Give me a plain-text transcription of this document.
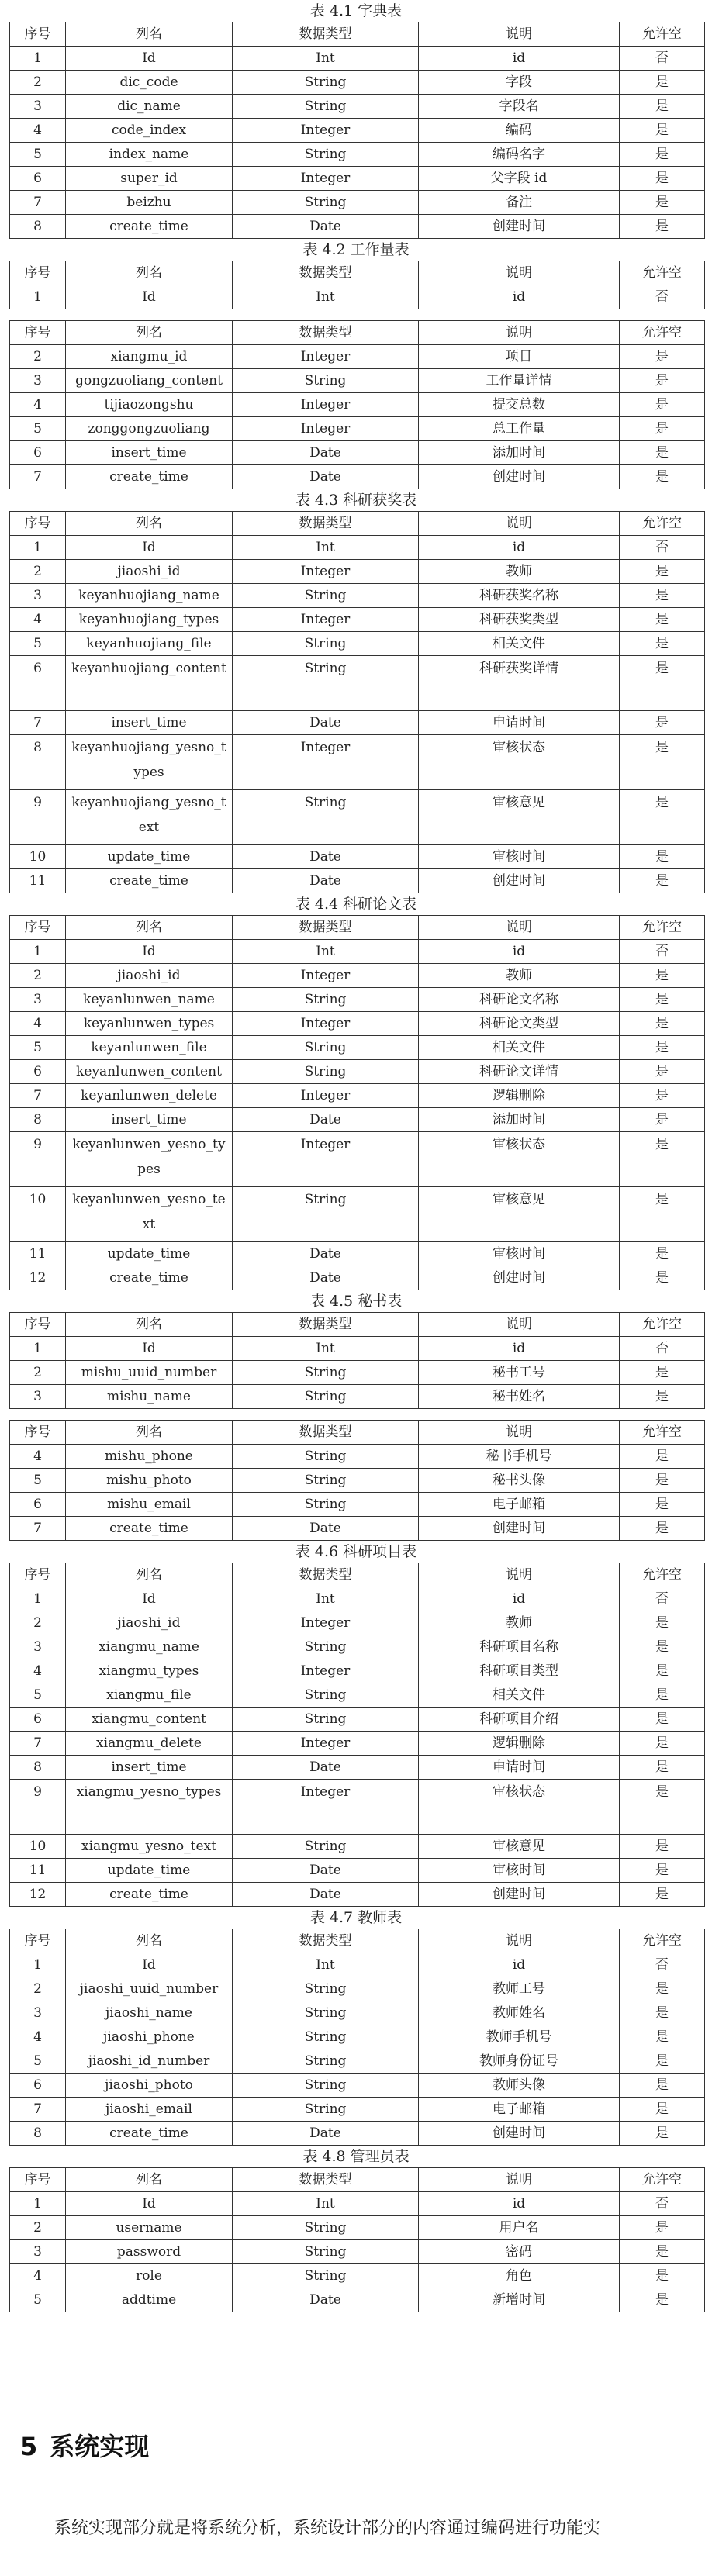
表 4.1 字典表
序号	列名	数据类型	说明	允许空
1	Id	Int	id	否
2	dic_code	String	字段	是
3	dic_name	String	字段名	是
4	code_index	Integer	编码	是
5	index_name	String	编码名字	是
6	super_id	Integer	父字段 id	是
7	beizhu	String	备注	是
8	create_time	Date	创建时间	是
表 4.2 工作量表
序号	列名	数据类型	说明	允许空
1	Id	Int	id	否
序号	列名	数据类型	说明	允许空
2	xiangmu_id	Integer	项目	是
3	gongzuoliang_content	String	工作量详情	是
4	tijiaozongshu	Integer	提交总数	是
5	zonggongzuoliang	Integer	总工作量	是
6	insert_time	Date	添加时间	是
7	create_time	Date	创建时间	是
表 4.3 科研获奖表
序号	列名	数据类型	说明	允许空
1	Id	Int	id	否
2	jiaoshi_id	Integer	教师	是
3	keyanhuojiang_name	String	科研获奖名称	是
4	keyanhuojiang_types	Integer	科研获奖类型	是
5	keyanhuojiang_file	String	相关文件	是
6	keyanhuojiang_content	String	科研获奖详情	是
7	insert_time	Date	申请时间	是
8	keyanhuojiang_yesno_types	Integer	审核状态	是
9	keyanhuojiang_yesno_text	String	审核意见	是
10	update_time	Date	审核时间	是
11	create_time	Date	创建时间	是
表 4.4 科研论文表
序号	列名	数据类型	说明	允许空
1	Id	Int	id	否
2	jiaoshi_id	Integer	教师	是
3	keyanlunwen_name	String	科研论文名称	是
4	keyanlunwen_types	Integer	科研论文类型	是
5	keyanlunwen_file	String	相关文件	是
6	keyanlunwen_content	String	科研论文详情	是
7	keyanlunwen_delete	Integer	逻辑删除	是
8	insert_time	Date	添加时间	是
9	keyanlunwen_yesno_types	Integer	审核状态	是
10	keyanlunwen_yesno_text	String	审核意见	是
11	update_time	Date	审核时间	是
12	create_time	Date	创建时间	是
表 4.5 秘书表
序号	列名	数据类型	说明	允许空
1	Id	Int	id	否
2	mishu_uuid_number	String	秘书工号	是
3	mishu_name	String	秘书姓名	是
序号	列名	数据类型	说明	允许空
4	mishu_phone	String	秘书手机号	是
5	mishu_photo	String	秘书头像	是
6	mishu_email	String	电子邮箱	是
7	create_time	Date	创建时间	是
表 4.6 科研项目表
序号	列名	数据类型	说明	允许空
1	Id	Int	id	否
2	jiaoshi_id	Integer	教师	是
3	xiangmu_name	String	科研项目名称	是
4	xiangmu_types	Integer	科研项目类型	是
5	xiangmu_file	String	相关文件	是
6	xiangmu_content	String	科研项目介绍	是
7	xiangmu_delete	Integer	逻辑删除	是
8	insert_time	Date	申请时间	是
9	xiangmu_yesno_types	Integer	审核状态	是
10	xiangmu_yesno_text	String	审核意见	是
11	update_time	Date	审核时间	是
12	create_time	Date	创建时间	是
表 4.7 教师表
序号	列名	数据类型	说明	允许空
1	Id	Int	id	否
2	jiaoshi_uuid_number	String	教师工号	是
3	jiaoshi_name	String	教师姓名	是
4	jiaoshi_phone	String	教师手机号	是
5	jiaoshi_id_number	String	教师身份证号	是
6	jiaoshi_photo	String	教师头像	是
7	jiaoshi_email	String	电子邮箱	是
8	create_time	Date	创建时间	是
表 4.8 管理员表
序号	列名	数据类型	说明	允许空
1	Id	Int	id	否
2	username	String	用户名	是
3	password	String	密码	是
4	role	String	角色	是
5	addtime	Date	新增时间	是
5 系统实现
系统实现部分就是将系统分析，系统设计部分的内容通过编码进行功能实
